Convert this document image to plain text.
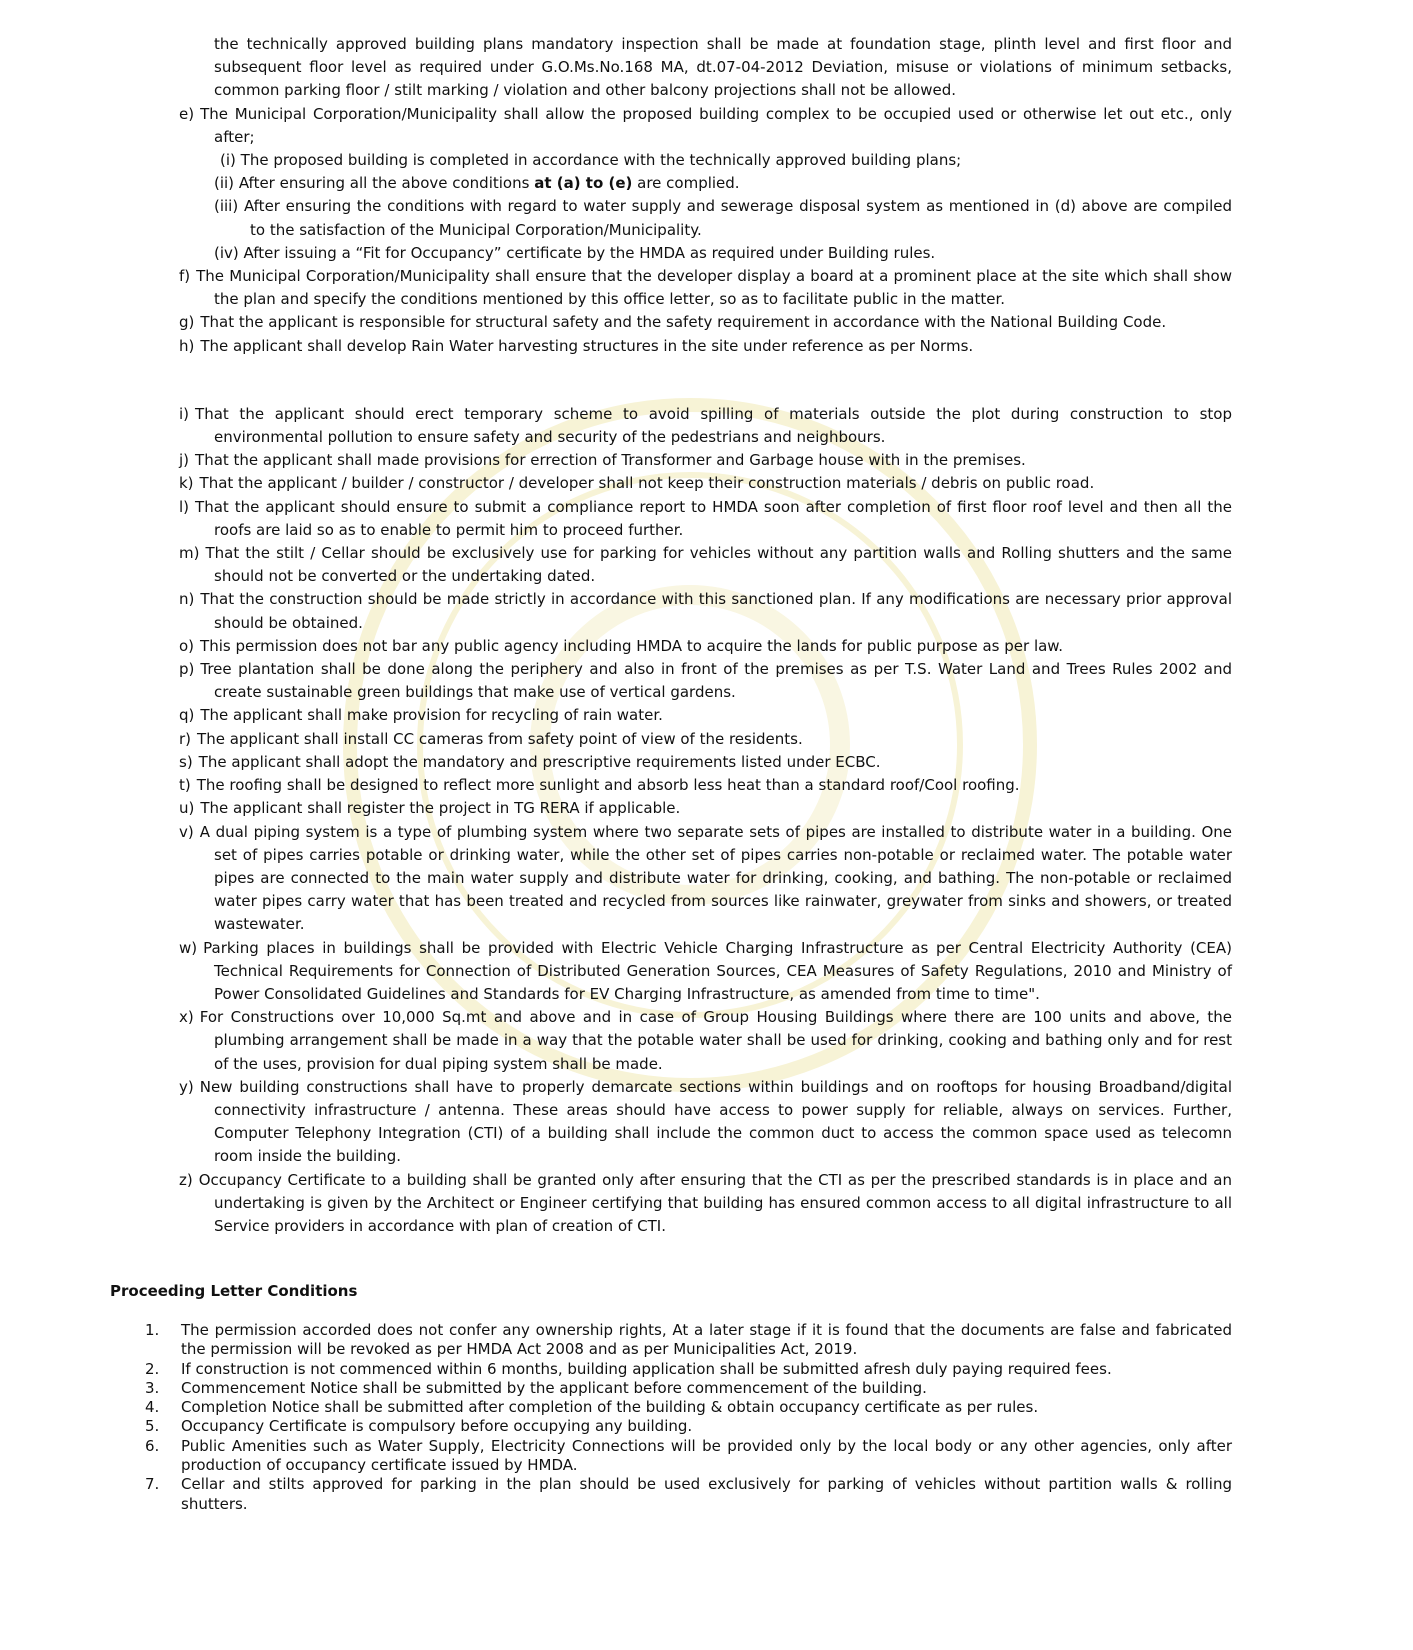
the technically approved building plans mandatory inspection shall be made at foundation stage, plinth level and first floor and subsequent floor level as required under G.O.Ms.No.168 MA, dt.07-04-2012 Deviation, misuse or violations of minimum setbacks, common parking floor / stilt marking / violation and other balcony projections shall not be allowed.
e) The Municipal Corporation/Municipality shall allow the proposed building complex to be occupied used or otherwise let out etc., only after;
(i) The proposed building is completed in accordance with the technically approved building plans;
(ii) After ensuring all the above conditions at (a) to (e) are complied.
(iii) After ensuring the conditions with regard to water supply and sewerage disposal system as mentioned in (d) above are compiled to the satisfaction of the Municipal Corporation/Municipality.
(iv) After issuing a “Fit for Occupancy” certificate by the HMDA as required under Building rules.
f) The Municipal Corporation/Municipality shall ensure that the developer display a board at a prominent place at the site which shall show the plan and specify the conditions mentioned by this office letter, so as to facilitate public in the matter.
g) That the applicant is responsible for structural safety and the safety requirement in accordance with the National Building Code.
h) The applicant shall develop Rain Water harvesting structures in the site under reference as per Norms.
i) That the applicant should erect temporary scheme to avoid spilling of materials outside the plot during construction to stop environmental pollution to ensure safety and security of the pedestrians and neighbours.
j) That the applicant shall made provisions for errection of Transformer and Garbage house with in the premises.
k) That the applicant / builder / constructor / developer shall not keep their construction materials / debris on public road.
l) That the applicant should ensure to submit a compliance report to HMDA soon after completion of first floor roof level and then all the roofs are laid so as to enable to permit him to proceed further.
m) That the stilt / Cellar should be exclusively use for parking for vehicles without any partition walls and Rolling shutters and the same should not be converted or the undertaking dated.
n) That the construction should be made strictly in accordance with this sanctioned plan. If any modifications are necessary prior approval should be obtained.
o) This permission does not bar any public agency including HMDA to acquire the lands for public purpose as per law.
p) Tree plantation shall be done along the periphery and also in front of the premises as per T.S. Water Land and Trees Rules 2002 and create sustainable green buildings that make use of vertical gardens.
q) The applicant shall make provision for recycling of rain water.
r) The applicant shall install CC cameras from safety point of view of the residents.
s) The applicant shall adopt the mandatory and prescriptive requirements listed under ECBC.
t) The roofing shall be designed to reflect more sunlight and absorb less heat than a standard roof/Cool roofing.
u) The applicant shall register the project in TG RERA if applicable.
v) A dual piping system is a type of plumbing system where two separate sets of pipes are installed to distribute water in a building. One set of pipes carries potable or drinking water, while the other set of pipes carries non-potable or reclaimed water. The potable water pipes are connected to the main water supply and distribute water for drinking, cooking, and bathing. The non-potable or reclaimed water pipes carry water that has been treated and recycled from sources like rainwater, greywater from sinks and showers, or treated wastewater.
w) Parking places in buildings shall be provided with Electric Vehicle Charging Infrastructure as per Central Electricity Authority (CEA) Technical Requirements for Connection of Distributed Generation Sources, CEA Measures of Safety Regulations, 2010 and Ministry of Power Consolidated Guidelines and Standards for EV Charging Infrastructure, as amended from time to time".
x) For Constructions over 10,000 Sq.mt and above and in case of Group Housing Buildings where there are 100 units and above, the plumbing arrangement shall be made in a way that the potable water shall be used for drinking, cooking and bathing only and for rest of the uses, provision for dual piping system shall be made.
y) New building constructions shall have to properly demarcate sections within buildings and on rooftops for housing Broadband/digital connectivity infrastructure / antenna. These areas should have access to power supply for reliable, always on services. Further, Computer Telephony Integration (CTI) of a building shall include the common duct to access the common space used as telecomn room inside the building.
z) Occupancy Certificate to a building shall be granted only after ensuring that the CTI as per the prescribed standards is in place and an undertaking is given by the Architect or Engineer certifying that building has ensured common access to all digital infrastructure to all Service providers in accordance with plan of creation of CTI.
Proceeding Letter Conditions
1. The permission accorded does not confer any ownership rights, At a later stage if it is found that the documents are false and fabricated the permission will be revoked as per HMDA Act 2008 and as per Municipalities Act, 2019.
2. If construction is not commenced within 6 months, building application shall be submitted afresh duly paying required fees.
3. Commencement Notice shall be submitted by the applicant before commencement of the building.
4. Completion Notice shall be submitted after completion of the building & obtain occupancy certificate as per rules.
5. Occupancy Certificate is compulsory before occupying any building.
6. Public Amenities such as Water Supply, Electricity Connections will be provided only by the local body or any other agencies, only after production of occupancy certificate issued by HMDA.
7. Cellar and stilts approved for parking in the plan should be used exclusively for parking of vehicles without partition walls & rolling shutters.
